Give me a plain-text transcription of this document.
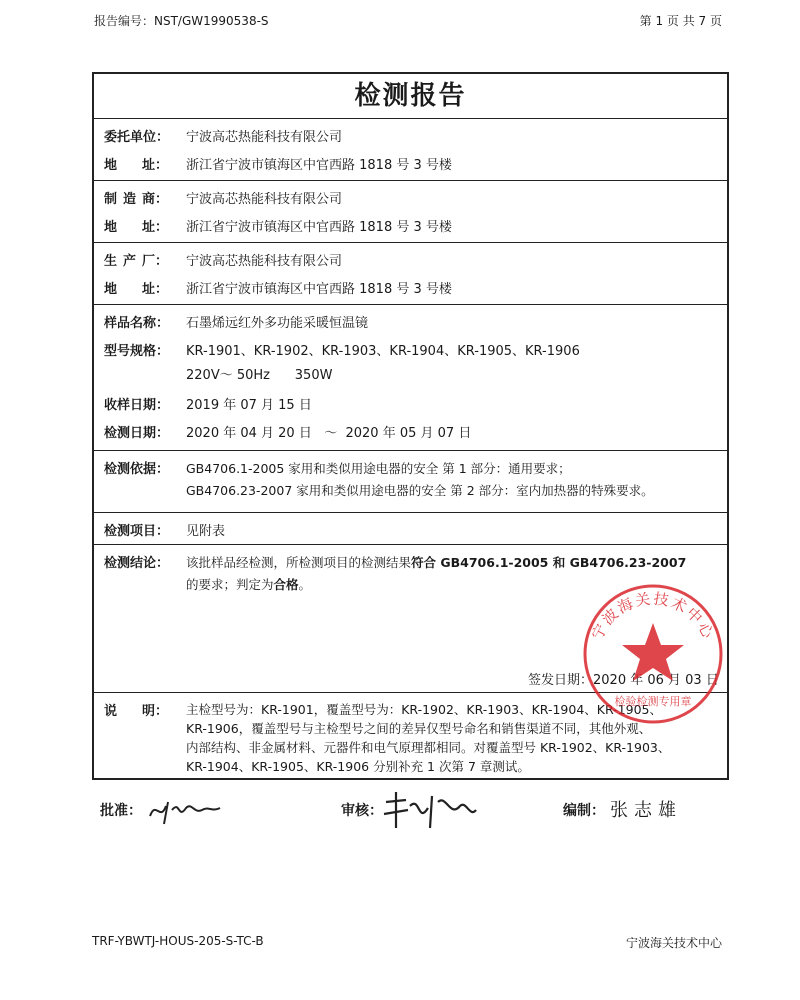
报告编号：NST/GW1990538-S	第 1 页 共 7 页
检测报告
委托单位： 宁波高芯热能科技有限公司
地 址： 浙江省宁波市镇海区中官西路 1818 号 3 号楼
制 造 商： 宁波高芯热能科技有限公司
地 址： 浙江省宁波市镇海区中官西路 1818 号 3 号楼
生 产 厂： 宁波高芯热能科技有限公司
地 址： 浙江省宁波市镇海区中官西路 1818 号 3 号楼
样品名称： 石墨烯远红外多功能采暖恒温镜
型号规格： KR-1901、KR-1902、KR-1903、KR-1904、KR-1905、KR-1906
220V～ 50Hz      350W
收样日期： 2019 年 07 月 15 日
检测日期： 2020 年 04 月 20 日   ～  2020 年 05 月 07 日
检测依据： GB4706.1-2005 家用和类似用途电器的安全 第 1 部分：通用要求；
GB4706.23-2007 家用和类似用途电器的安全 第 2 部分：室内加热器的特殊要求。
检测项目： 见附表
检测结论： 该批样品经检测，所检测项目的检测结果符合 GB4706.1-2005 和 GB4706.23-2007
的要求；判定为合格。
说 明： 主检型号为：KR-1901，覆盖型号为：KR-1902、KR-1903、KR-1904、KR-1905、
KR-1906，覆盖型号与主检型号之间的差异仅型号命名和销售渠道不同，其他外观、
内部结构、非金属材料、元器件和电气原理都相同。对覆盖型号 KR-1902、KR-1903、
KR-1904、KR-1905、KR-1906 分别补充 1 次第 7 章测试。
签发日期：2020 年 06 月 03 日
宁波海关技术中心
检验检测专用章
批准：	审核：	编制： 张志雄
TRF-YBWTJ-HOUS-205-S-TC-B	宁波海关技术中心
